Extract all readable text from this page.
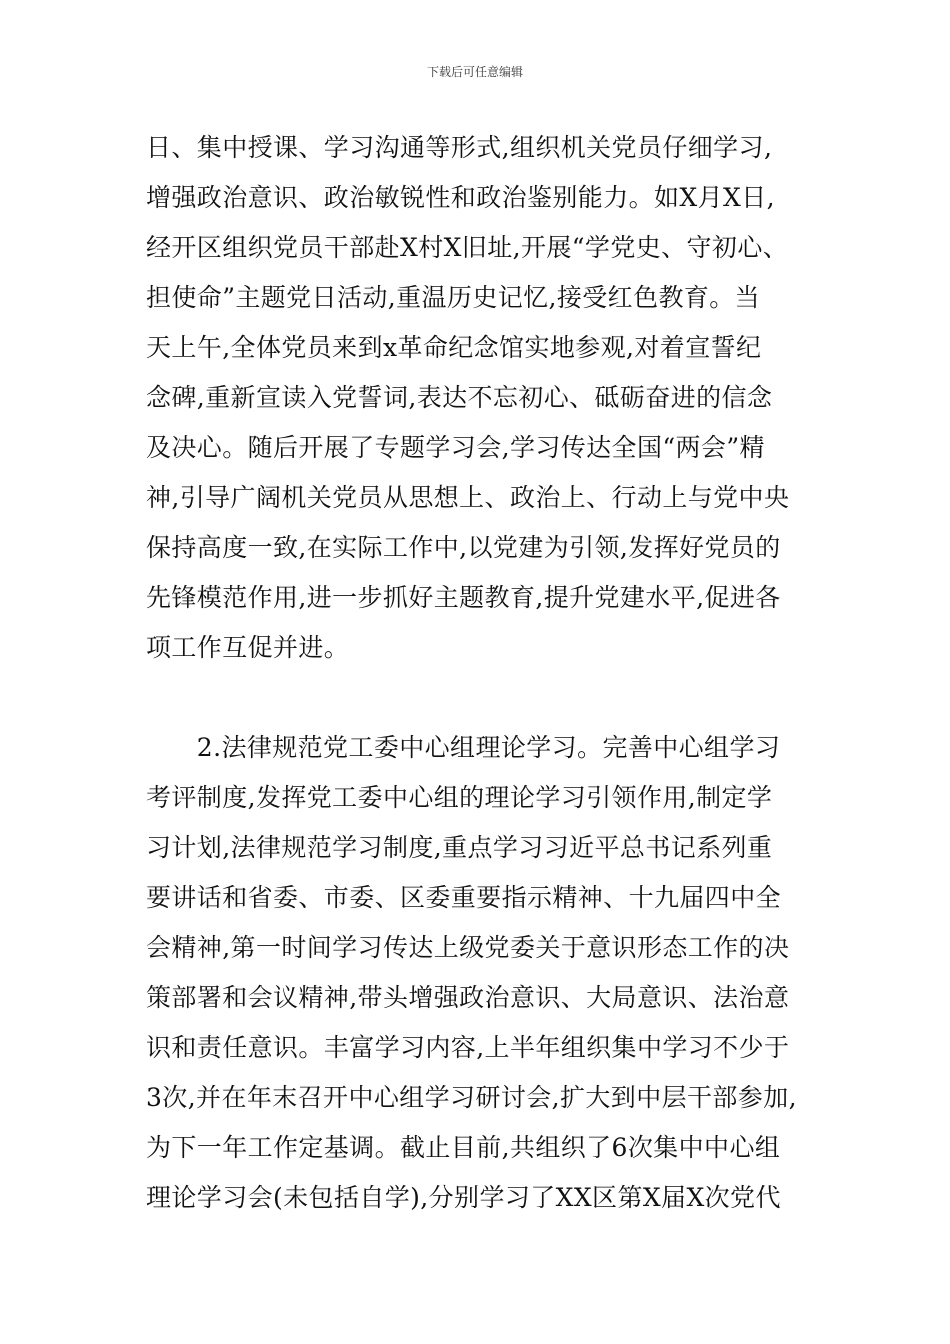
下载后可任意编辑
日、集中授课、学习沟通等形式,组织机关党员仔细学习,
增强政治意识、政治敏锐性和政治鉴别能力。如X月X日,
经开区组织党员干部赴X村X旧址,开展“学党史、守初心、
担使命”主题党日活动,重温历史记忆,接受红色教育。当
天上午,全体党员来到x革命纪念馆实地参观,对着宣誓纪
念碑,重新宣读入党誓词,表达不忘初心、砥砺奋进的信念
及决心。随后开展了专题学习会,学习传达全国“两会”精
神,引导广阔机关党员从思想上、政治上、行动上与党中央
保持高度一致,在实际工作中,以党建为引领,发挥好党员的
先锋模范作用,进一步抓好主题教育,提升党建水平,促进各
项工作互促并进。
　　2.法律规范党工委中心组理论学习。完善中心组学习
考评制度,发挥党工委中心组的理论学习引领作用,制定学
习计划,法律规范学习制度,重点学习习近平总书记系列重
要讲话和省委、市委、区委重要指示精神、十九届四中全
会精神,第一时间学习传达上级党委关于意识形态工作的决
策部署和会议精神,带头增强政治意识、大局意识、法治意
识和责任意识。丰富学习内容,上半年组织集中学习不少于
3次,并在年末召开中心组学习研讨会,扩大到中层干部参加,
为下一年工作定基调。截止目前,共组织了6次集中中心组
理论学习会(未包括自学),分别学习了XX区第X届X次党代
